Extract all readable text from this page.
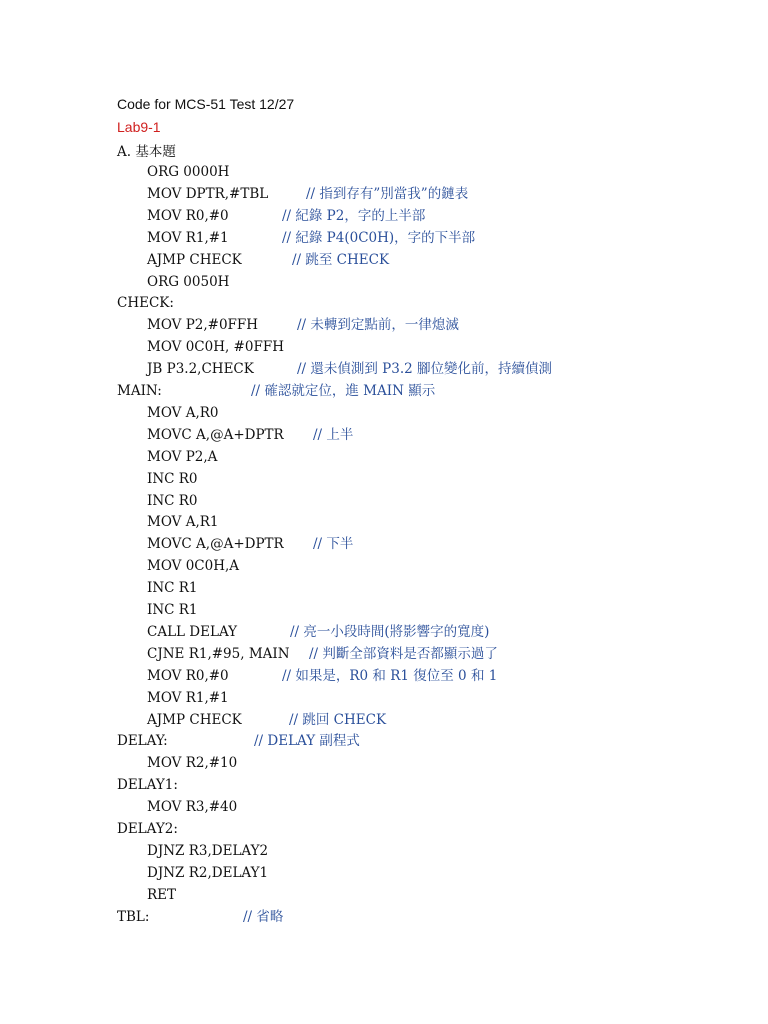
Code for MCS-51 Test 12/27
Lab9-1
A. 基本題
ORG 0000H
MOV DPTR,#TBL	// 指到存有”別當我”的鏈表
MOV R0,#0	// 紀錄 P2，字的上半部
MOV R1,#1	// 紀錄 P4(0C0H)，字的下半部
AJMP CHECK	// 跳至 CHECK
ORG 0050H
CHECK:
MOV P2,#0FFH	// 未轉到定點前，一律熄滅
MOV 0C0H, #0FFH
JB P3.2,CHECK	// 還未偵測到 P3.2 腳位變化前，持續偵測
MAIN:	// 確認就定位，進 MAIN 顯示
MOV A,R0
MOVC A,@A+DPTR // 上半
MOV P2,A
INC R0
INC R0
MOV A,R1
MOVC A,@A+DPTR // 下半
MOV 0C0H,A
INC R1
INC R1
CALL DELAY	// 亮一小段時間(將影響字的寬度)
CJNE R1,#95, MAIN // 判斷全部資料是否都顯示過了
MOV R0,#0	// 如果是，R0 和 R1 復位至 0 和 1
MOV R1,#1
AJMP CHECK	// 跳回 CHECK
DELAY:	// DELAY 副程式
MOV R2,#10
DELAY1:
MOV R3,#40
DELAY2:
DJNZ R3,DELAY2
DJNZ R2,DELAY1
RET
TBL:	// 省略
